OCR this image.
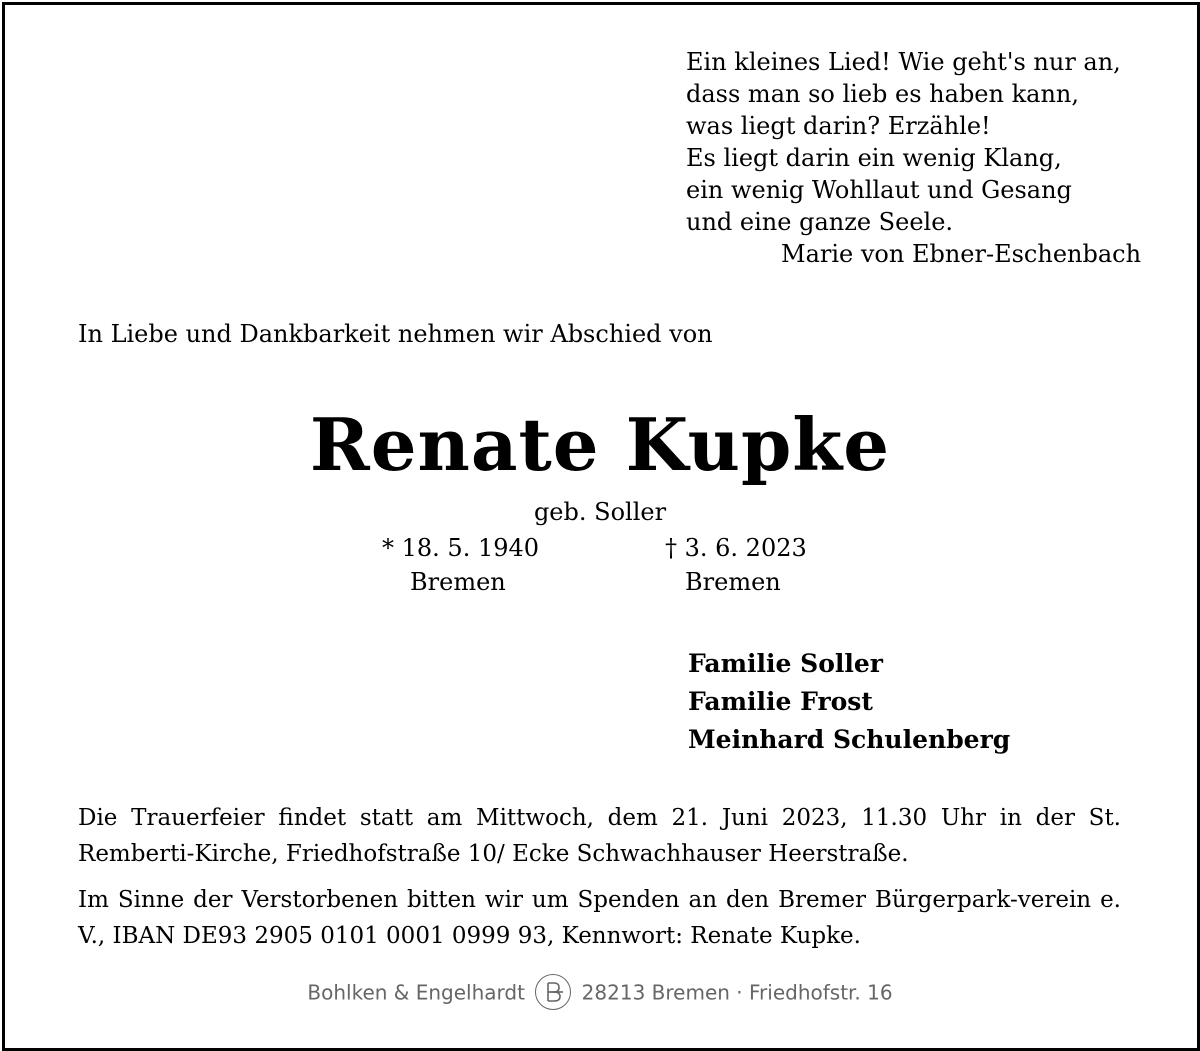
Ein kleines Lied! Wie geht's nur an,
dass man so lieb es haben kann,
was liegt darin? Erzähle!
Es liegt darin ein wenig Klang,
ein wenig Wohllaut und Gesang
und eine ganze Seele.
Marie von Ebner-Eschenbach
In Liebe und Dankbarkeit nehmen wir Abschied von
Renate Kupke
geb. Soller
* 18. 5. 1940	† 3. 6. 2023
Bremen	Bremen
Familie Soller
Familie Frost
Meinhard Schulenberg
Die Trauerfeier findet statt am Mittwoch, dem 21. Juni 2023, 11.30 Uhr in der St. Remberti-Kirche, Friedhofstraße 10/ Ecke Schwachhauser Heerstraße.
Im Sinne der Verstorbenen bitten wir um Spenden an den Bremer Bürgerpark-verein e. V., IBAN DE93 2905 0101 0001 0999 93, Kennwort: Renate Kupke.
Bohlken & Engelhardt	28213 Bremen · Friedhofstr. 16
